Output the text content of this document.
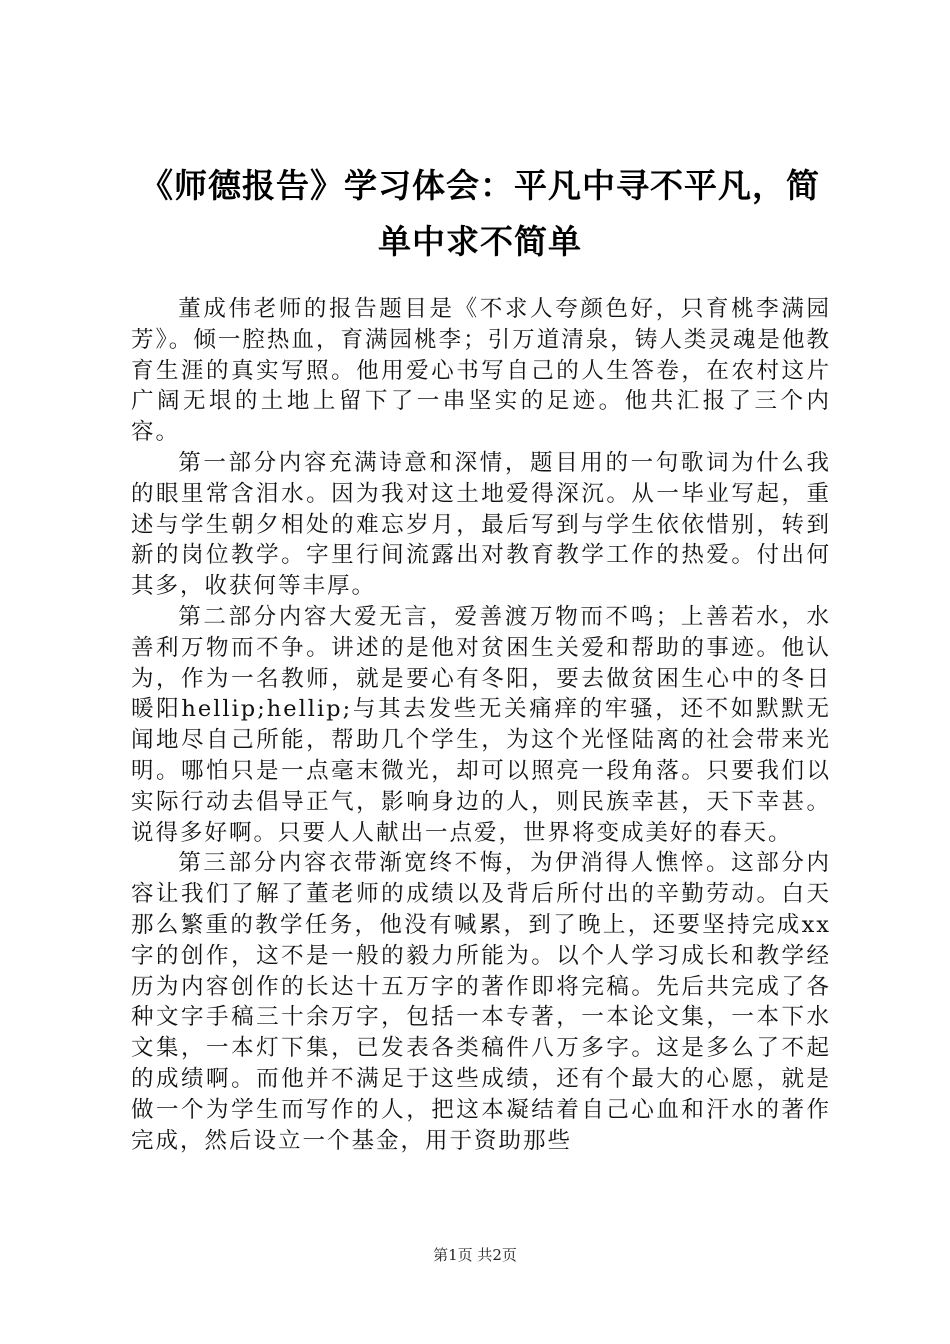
《师德报告》学习体会：平凡中寻不平凡，简
单中求不简单

董成伟老师的报告题目是《不求人夸颜色好，只育桃李满园芳》。倾一腔热血，育满园桃李；引万道清泉，铸人类灵魂是他教育生涯的真实写照。他用爱心书写自己的人生答卷，在农村这片广阔无垠的土地上留下了一串坚实的足迹。他共汇报了三个内容。

第一部分内容充满诗意和深情，题目用的一句歌词为什么我的眼里常含泪水。因为我对这土地爱得深沉。从一毕业写起，重述与学生朝夕相处的难忘岁月，最后写到与学生依依惜别，转到新的岗位教学。字里行间流露出对教育教学工作的热爱。付出何其多，收获何等丰厚。

第二部分内容大爱无言，爱善渡万物而不鸣；上善若水，水善利万物而不争。讲述的是他对贫困生关爱和帮助的事迹。他认为，作为一名教师，就是要心有冬阳，要去做贫困生心中的冬日暖阳hellip;hellip;与其去发些无关痛痒的牢骚，还不如默默无闻地尽自己所能，帮助几个学生，为这个光怪陆离的社会带来光明。哪怕只是一点毫末微光，却可以照亮一段角落。只要我们以实际行动去倡导正气，影响身边的人，则民族幸甚，天下幸甚。说得多好啊。只要人人献出一点爱，世界将变成美好的春天。

第三部分内容衣带渐宽终不悔，为伊消得人憔悴。这部分内容让我们了解了董老师的成绩以及背后所付出的辛勤劳动。白天那么繁重的教学任务，他没有喊累，到了晚上，还要坚持完成xx字的创作，这不是一般的毅力所能为。以个人学习成长和教学经历为内容创作的长达十五万字的著作即将完稿。先后共完成了各种文字手稿三十余万字，包括一本专著，一本论文集，一本下水文集，一本灯下集，已发表各类稿件八万多字。这是多么了不起的成绩啊。而他并不满足于这些成绩，还有个最大的心愿，就是做一个为学生而写作的人，把这本凝结着自己心血和汗水的著作完成，然后设立一个基金，用于资助那些

第1页 共2页
